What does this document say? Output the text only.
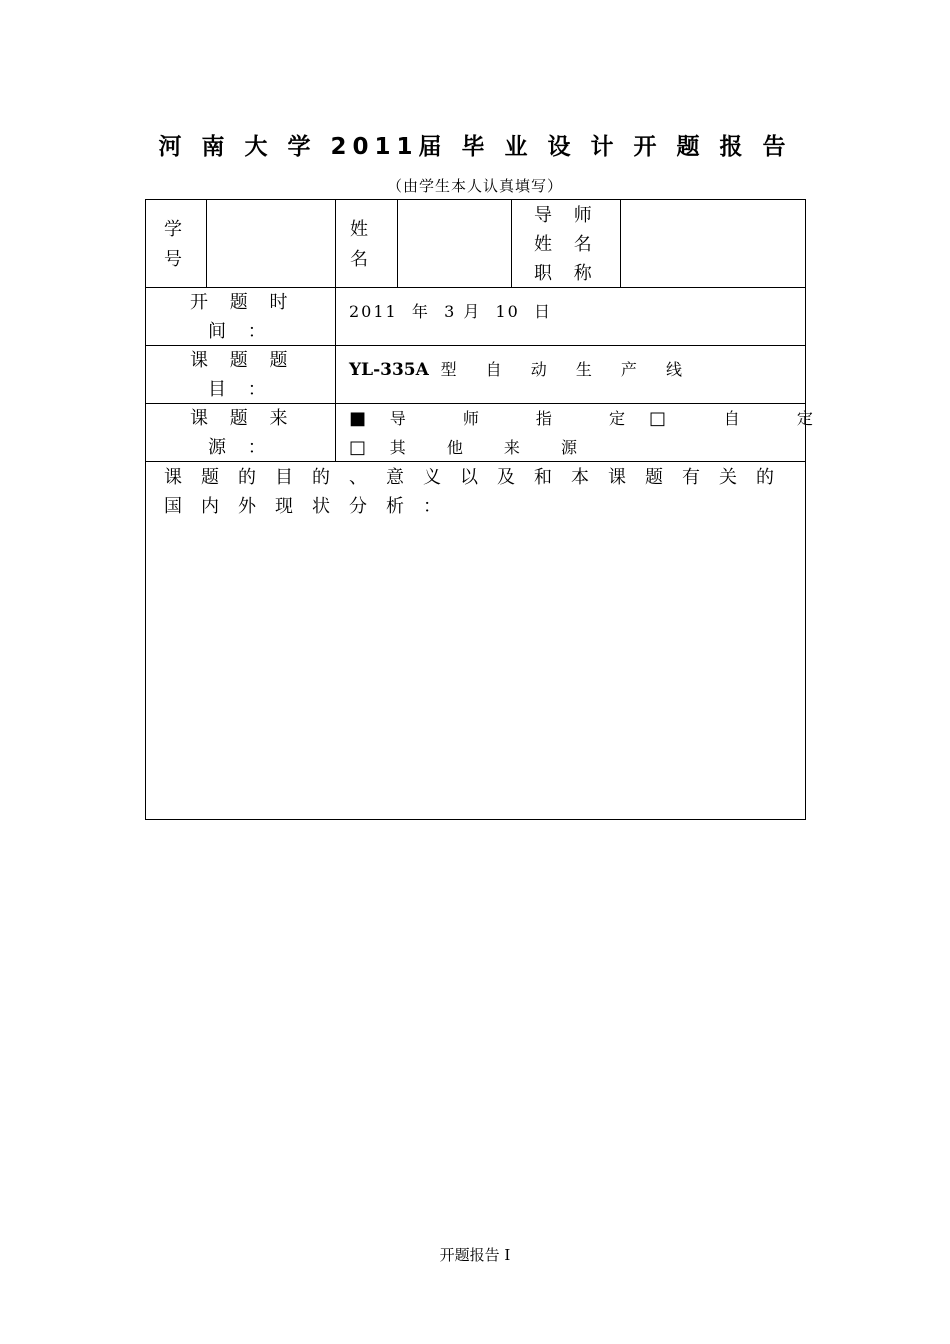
河 南 大 学 2011届 毕 业 设 计 开 题 报 告
（由学生本人认真填写）
学
号
姓
名
导 师
姓 名
职 称
开 题 时
间 ：
2011  年  3 月  10  日
课 题 题
目 ：
YL-335A 型 自 动 生 产 线
课 题 来
源 ：
■ 导 师 指 定
□	自 定
□ 其 他 来 源
课题的目的、意义以及和本课题有关的
国内外现状分析：
开题报告 I
